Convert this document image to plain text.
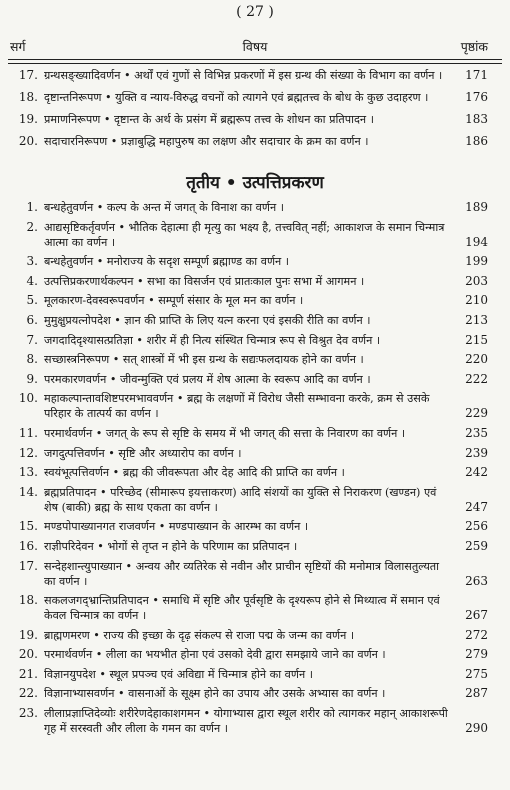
( 27 )
सर्ग	विषय	पृष्ठांक
17. ग्रन्थसङ्ख्यादिवर्णन • अर्थों एवं गुणों से विभिन्न प्रकरणों में इस ग्रन्थ की संख्या के विभाग का वर्णन ।	171
18. दृष्टान्तनिरूपण • युक्ति व न्याय-विरुद्ध वचनों को त्यागने एवं ब्रह्मतत्त्व के बोध के कुछ उदाहरण ।	176
19. प्रमाणनिरूपण • दृष्टान्त के अर्थ के प्रसंग में ब्रह्मरूप तत्त्व के शोधन का प्रतिपादन ।	183
20. सदाचारनिरूपण • प्रज्ञाबुद्धि महापुरुष का लक्षण और सदाचार के क्रम का वर्णन ।	186
तृतीय • उत्पत्तिप्रकरण
1. बन्धहेतुवर्णन • कल्प के अन्त में जगत् के विनाश का वर्णन ।	189
2. आद्यसृष्टिकर्तृवर्णन • भौतिक देहात्मा ही मृत्यु का भक्ष्य है, तत्त्ववित् नहीं; आकाशज के समान चिन्मात्र आत्मा का वर्णन ।	194
3. बन्धहेतुवर्णन • मनोराज्य के सदृश सम्पूर्ण ब्रह्माण्ड का वर्णन ।	199
4. उत्पत्तिप्रकरणार्थकल्पन • सभा का विसर्जन एवं प्रातःकाल पुनः सभा में आगमन ।	203
5. मूलकारण-देवस्वरूपवर्णन • सम्पूर्ण संसार के मूल मन का वर्णन ।	210
6. मुमुक्षुप्रयत्नोपदेश • ज्ञान की प्राप्ति के लिए यत्न करना एवं इसकी रीति का वर्णन ।	213
7. जगदादिदृश्यासत्प्रतिज्ञा • शरीर में ही नित्य संस्थित चिन्मात्र रूप से विश्रुत देव वर्णन ।	215
8. सच्छास्त्रनिरूपण • सत् शास्त्रों में भी इस ग्रन्थ के सद्यःफलदायक होने का वर्णन ।	220
9. परमकारणवर्णन • जीवन्मुक्ति एवं प्रलय में शेष आत्मा के स्वरूप आदि का वर्णन ।	222
10. महाकल्पान्तावशिष्टपरमभाववर्णन • ब्रह्म के लक्षणों में विरोध जैसी सम्भावना करके, क्रम से उसके परिहार के तात्पर्य का वर्णन ।	229
11. परमार्थवर्णन • जगत् के रूप से सृष्टि के समय में भी जगत् की सत्ता के निवारण का वर्णन ।	235
12. जगदुत्पत्तिवर्णन • सृष्टि और अध्यारोप का वर्णन ।	239
13. स्वयंभूत्पत्तिवर्णन • ब्रह्म की जीवरूपता और देह आदि की प्राप्ति का वर्णन ।	242
14. ब्रह्मप्रतिपादन • परिच्छेद (सीमारूप इयत्ताकरण) आदि संशयों का युक्ति से निराकरण (खण्डन) एवं शेष (बाकी) ब्रह्म के साथ एकता का वर्णन ।	247
15. मण्डपोपाख्यानगत राजवर्णन • मण्डपाख्यान के आरम्भ का वर्णन ।	256
16. राज्ञीपरिदेवन • भोगों से तृप्त न होने के परिणाम का प्रतिपादन ।	259
17. सन्देहशान्त्युपाख्यान • अन्वय और व्यतिरेक से नवीन और प्राचीन सृष्टियों की मनोमात्र विलासतुल्यता का वर्णन ।	263
18. सकलजगद्भ्रान्तिप्रतिपादन • समाधि में सृष्टि और पूर्वसृष्टि के दृश्यरूप होने से मिथ्यात्व में समान एवं केवल चिन्मात्र का वर्णन ।	267
19. ब्राह्मणमरण • राज्य की इच्छा के दृढ़ संकल्प से राजा पद्म के जन्म का वर्णन ।	272
20. परमार्थवर्णन • लीला का भयभीत होना एवं उसको देवी द्वारा समझाये जाने का वर्णन ।	279
21. विज्ञानयुपदेश • स्थूल प्रपञ्च एवं अविद्या में चिन्मात्र होने का वर्णन ।	275
22. विज्ञानाभ्यासवर्णन • वासनाओं के सूक्ष्म होने का उपाय और उसके अभ्यास का वर्णन ।	287
23. लीलाप्रज्ञाप्तिदेव्योः शरीरेणदेहाकाशगमन • योगाभ्यास द्वारा स्थूल शरीर को त्यागकर महान् आकाशरूपी गृह में सरस्वती और लीला के गमन का वर्णन ।	290
